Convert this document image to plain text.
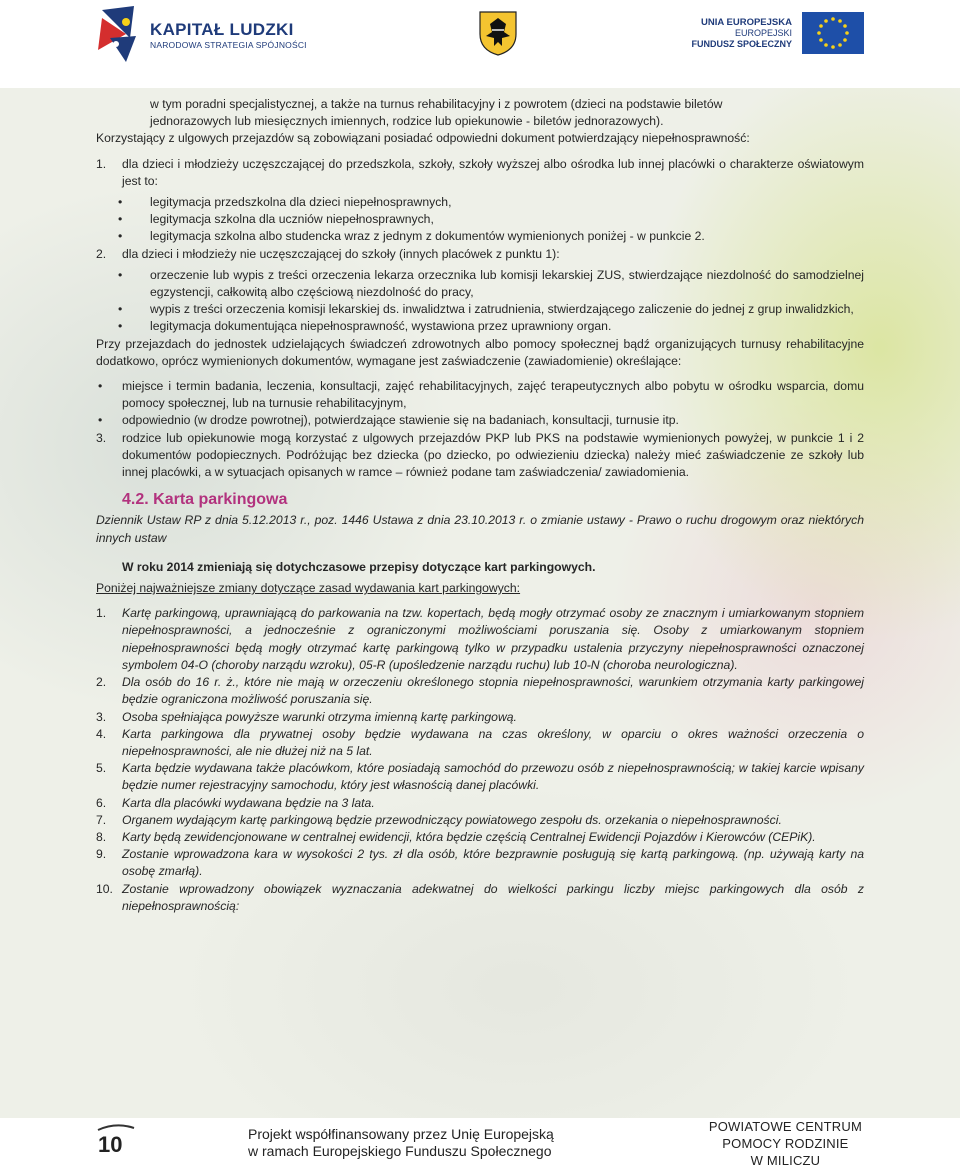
KAPITAŁ LUDZKI
NARODOWA STRATEGIA SPÓJNOŚCI
UNIA EUROPEJSKA
EUROPEJSKI
FUNDUSZ SPOŁECZNY

w tym poradni specjalistycznej, a także na turnus rehabilitacyjny i z powrotem (dzieci na podstawie biletów

jednorazowych lub miesięcznych imiennych, rodzice lub opiekunowie - biletów jednorazowych).

Korzystający z ulgowych przejazdów są zobowiązani posiadać odpowiedni dokument potwierdzający niepełnosprawność:

1. dla dzieci i młodzieży uczęszczającej do przedszkola, szkoły, szkoły wyższej albo ośrodka lub innej placówki o charakterze oświatowym jest to:

• legitymacja przedszkolna dla dzieci niepełnosprawnych,

• legitymacja szkolna dla uczniów niepełnosprawnych,

• legitymacja szkolna albo studencka wraz z jednym z dokumentów wymienionych poniżej - w punkcie 2.

2. dla dzieci i młodzieży nie uczęszczającej do szkoły (innych placówek z punktu 1):

• orzeczenie lub wypis z treści orzeczenia lekarza orzecznika lub komisji lekarskiej ZUS, stwierdzające niezdolność do samodzielnej egzystencji, całkowitą albo częściową niezdolność do pracy,

• wypis z treści orzeczenia komisji lekarskiej ds. inwalidztwa i zatrudnienia, stwierdzającego zaliczenie do jednej z grup inwalidzkich,

• legitymacja dokumentująca niepełnosprawność, wystawiona przez uprawniony organ.

Przy przejazdach do jednostek udzielających świadczeń zdrowotnych albo pomocy społecznej bądź organizujących turnusy rehabilitacyjne dodatkowo, oprócz wymienionych dokumentów, wymagane jest zaświadczenie (zawiadomienie) określające:

• miejsce i termin badania, leczenia, konsultacji, zajęć rehabilitacyjnych, zajęć terapeutycznych albo pobytu w ośrodku wsparcia, domu pomocy społecznej, lub na turnusie rehabilitacyjnym,

• odpowiednio (w drodze powrotnej), potwierdzające stawienie się na badaniach, konsultacji, turnusie itp.

3. rodzice lub opiekunowie mogą korzystać z ulgowych przejazdów PKP lub PKS na podstawie wymienionych powyżej, w punkcie 1 i 2 dokumentów podopiecznych. Podróżując bez dziecka (po dziecko, po odwiezieniu dziecka) należy mieć zaświadczenie ze szkoły lub innej placówki, a w sytuacjach opisanych w ramce – również podane tam zaświadczenia/ zawiadomienia.

4.2. Karta parkingowa

Dziennik Ustaw RP z dnia 5.12.2013 r., poz. 1446 Ustawa z dnia 23.10.2013 r. o zmianie ustawy - Prawo o ruchu drogowym oraz niektórych innych ustaw

W roku 2014 zmieniają się dotychczasowe przepisy dotyczące kart parkingowych.

Poniżej najważniejsze zmiany dotyczące zasad wydawania kart parkingowych:

1. Kartę parkingową, uprawniającą do parkowania na tzw. kopertach, będą mogły otrzymać osoby ze znacznym i umiarkowanym stopniem niepełnosprawności, a jednocześnie z ograniczonymi możliwościami poruszania się. Osoby z umiarkowanym stopniem niepełnosprawności będą mogły otrzymać kartę parkingową tylko w przypadku ustalenia przyczyny niepełnosprawności oznaczonej symbolem 04-O (choroby narządu wzroku), 05-R (upośledzenie narządu ruchu) lub 10-N (choroba neurologiczna).

2. Dla osób do 16 r. ż., które nie mają w orzeczeniu określonego stopnia niepełnosprawności, warunkiem otrzymania karty parkingowej będzie ograniczona możliwość poruszania się.

3. Osoba spełniająca powyższe warunki otrzyma imienną kartę parkingową.

4. Karta parkingowa dla prywatnej osoby będzie wydawana na czas określony, w oparciu o okres ważności orzeczenia o niepełnosprawności, ale nie dłużej niż na 5 lat.

5. Karta będzie wydawana także placówkom, które posiadają samochód do przewozu osób z niepełnosprawnością; w takiej karcie wpisany będzie numer rejestracyjny samochodu, który jest własnością danej placówki.

6. Karta dla placówki wydawana będzie na 3 lata.

7. Organem wydającym kartę parkingową będzie przewodniczący powiatowego zespołu ds. orzekania o niepełnosprawności.

8. Karty będą zewidencjonowane w centralnej ewidencji, która będzie częścią Centralnej Ewidencji Pojazdów i Kierowców (CEPiK).

9. Zostanie wprowadzona kara w wysokości 2 tys. zł dla osób, które bezprawnie posługują się kartą parkingową. (np. używają karty na osobę zmarłą).

10. Zostanie wprowadzony obowiązek wyznaczania adekwatnej do wielkości parkingu liczby miejsc parkingowych dla osób z niepełnosprawnością:

10	Projekt współfinansowany przez Unię Europejską
w ramach Europejskiego Funduszu Społecznego
POWIATOWE CENTRUM
POMOCY RODZINIE
W MILICZU
